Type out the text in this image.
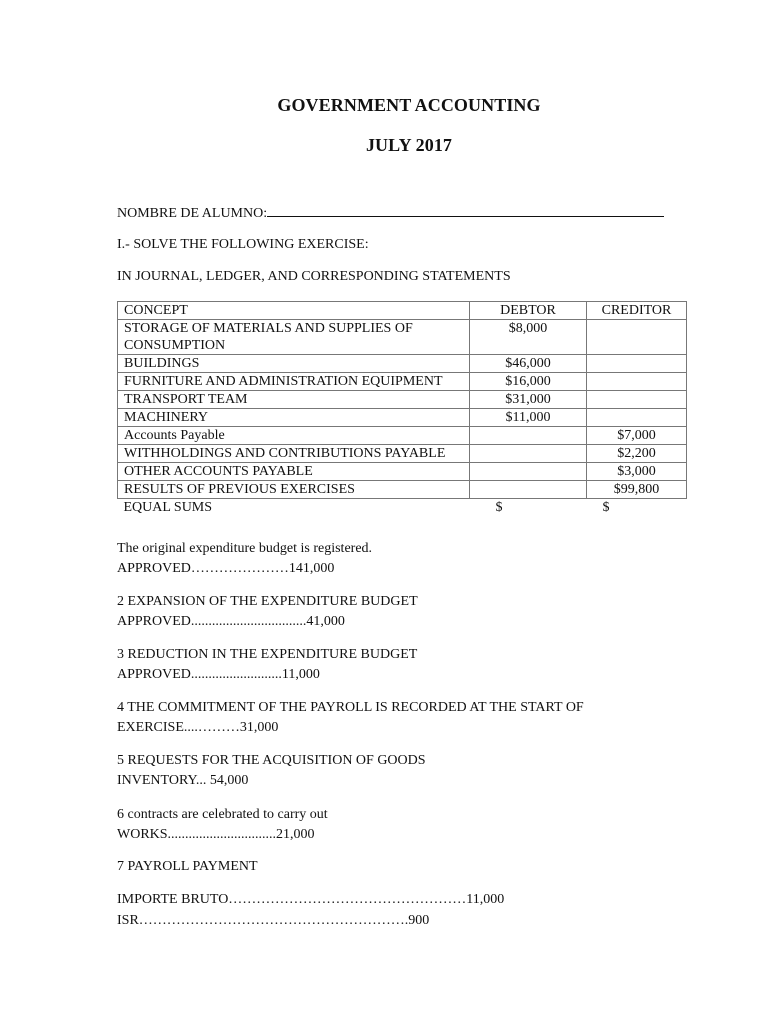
GOVERNMENT ACCOUNTING
JULY 2017
NOMBRE DE ALUMNO:
I.- SOLVE THE FOLLOWING EXERCISE:
IN JOURNAL, LEDGER, AND CORRESPONDING STATEMENTS
CONCEPT	DEBTOR	CREDITOR
STORAGE OF MATERIALS AND SUPPLIES OF
CONSUMPTION	$8,000	
BUILDINGS	$46,000	
FURNITURE AND ADMINISTRATION EQUIPMENT	$16,000	
TRANSPORT TEAM	$31,000	
MACHINERY	$11,000	
Accounts Payable		$7,000
WITHHOLDINGS AND CONTRIBUTIONS PAYABLE		$2,200
OTHER ACCOUNTS PAYABLE		$3,000
RESULTS OF PREVIOUS EXERCISES		$99,800
EQUAL SUMS	$	$
The original expenditure budget is registered.
APPROVED…………………141,000
2 EXPANSION OF THE EXPENDITURE BUDGET
APPROVED.................................41,000
3 REDUCTION IN THE EXPENDITURE BUDGET
APPROVED..........................11,000
4 THE COMMITMENT OF THE PAYROLL IS RECORDED AT THE START OF
EXERCISE....………31,000
5 REQUESTS FOR THE ACQUISITION OF GOODS
INVENTORY... 54,000
6 contracts are celebrated to carry out
WORKS...............................21,000
7 PAYROLL PAYMENT
IMPORTE BRUTO……………………………………………11,000
ISR………………………………………………….900
